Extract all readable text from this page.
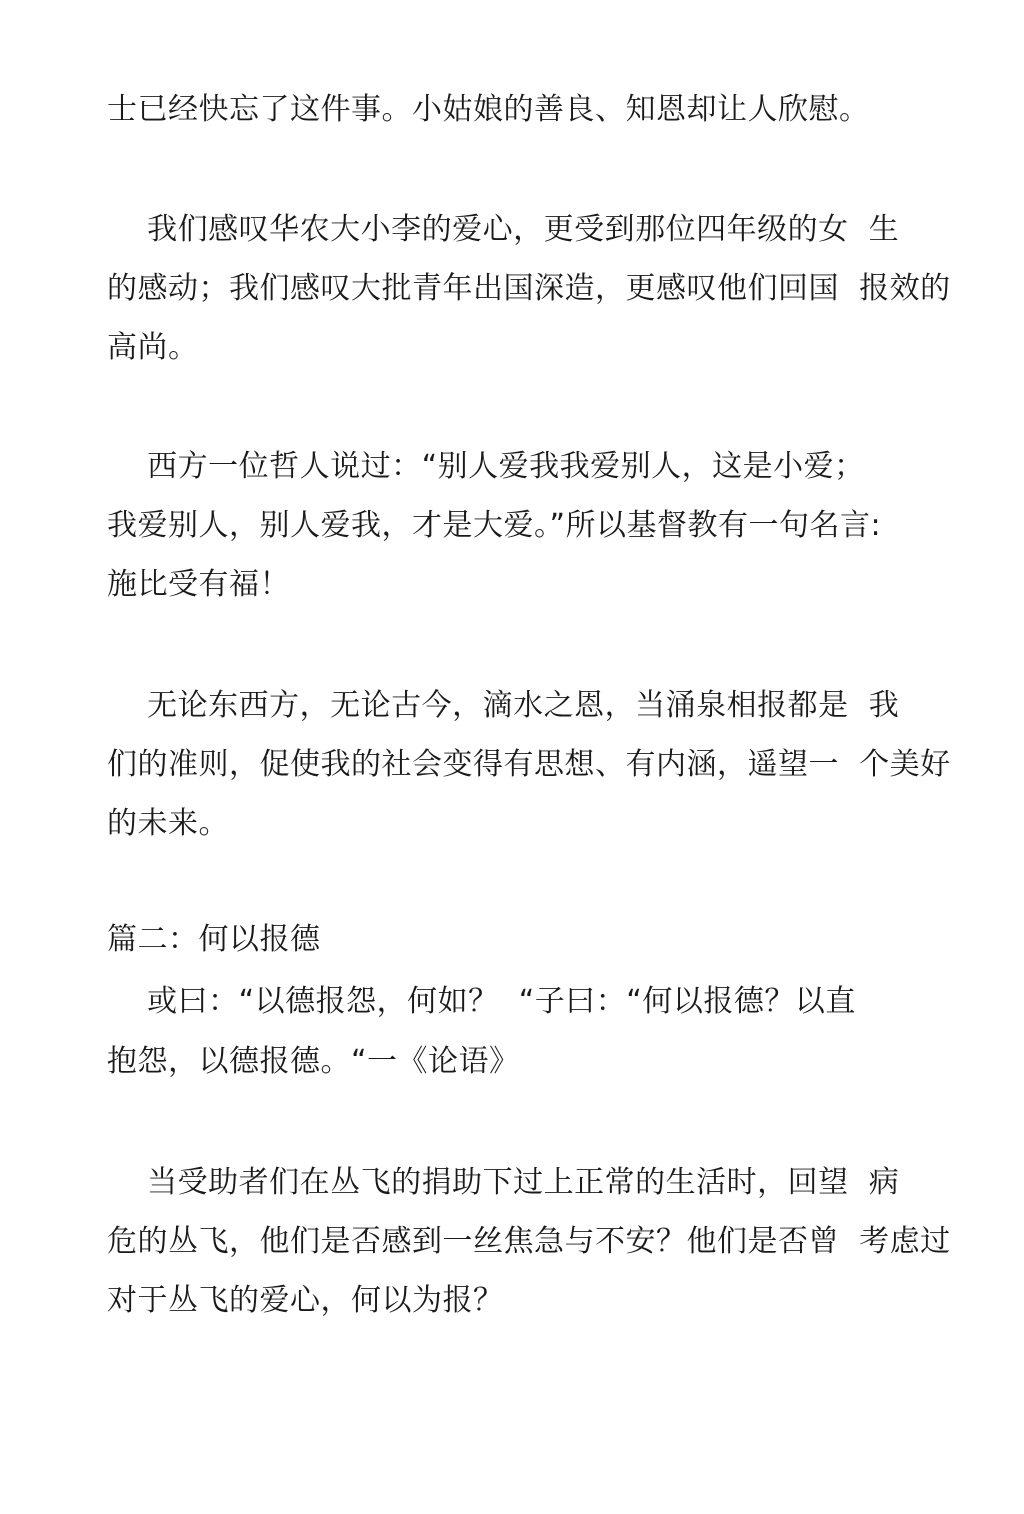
士已经快忘了这件事。小姑娘的善良、知恩却让人欣慰。
我们感叹华农大小李的爱心，更受到那位四年级的女  生
的感动；我们感叹大批青年出国深造，更感叹他们回国  报效的
高尚。
西方一位哲人说过：“别人爱我我爱别人，这是小爱；
我爱别人，别人爱我，才是大爱。”所以基督教有一句名言:
施比受有福！
无论东西方，无论古今，滴水之恩，当涌泉相报都是  我
们的准则，促使我的社会变得有思想、有内涵，遥望一  个美好
的未来。
篇二：何以报德
或曰：“以德报怨，何如？  “子曰：“何以报德？以直
抱怨，以德报德。“一《论语》
当受助者们在丛飞的捐助下过上正常的生活时，回望  病
危的丛飞，他们是否感到一丝焦急与不安？他们是否曾  考虑过
对于丛飞的爱心，何以为报？
